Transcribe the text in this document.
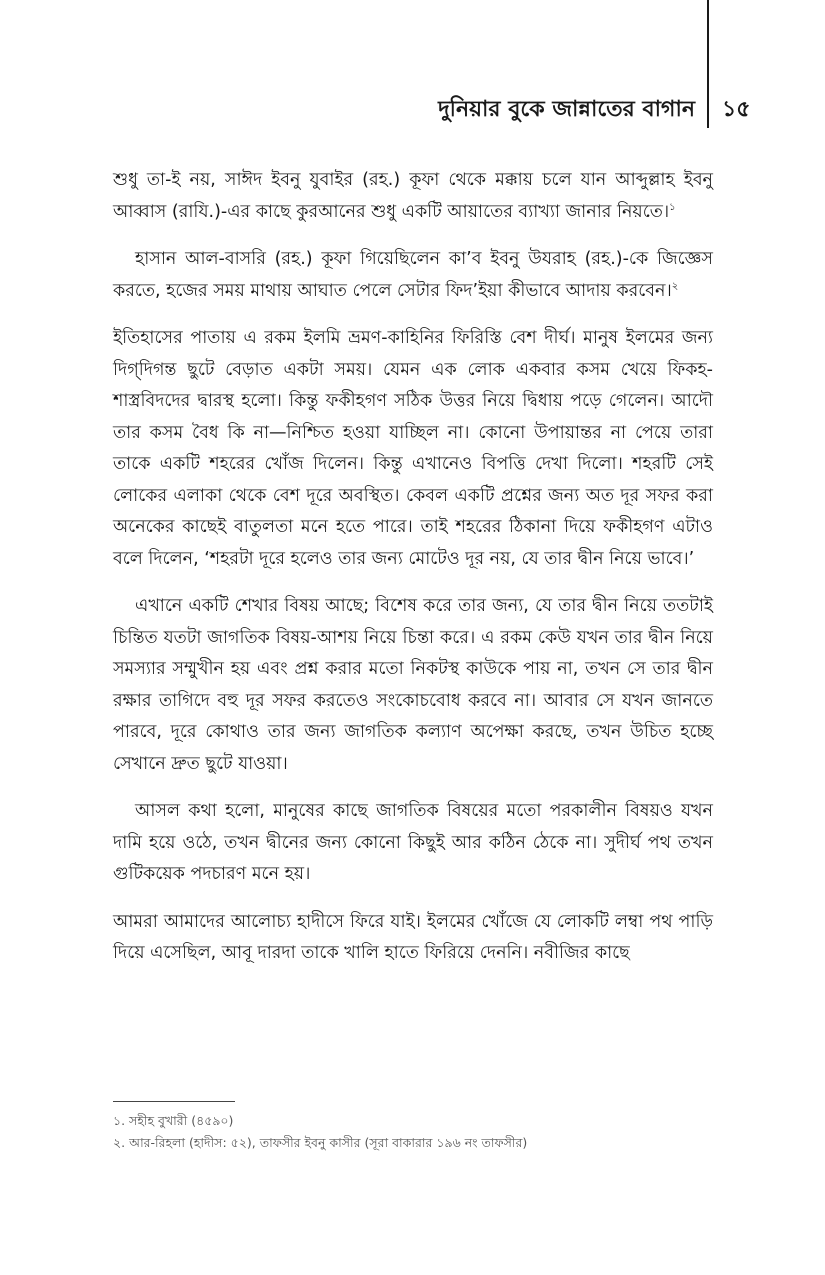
দুনিয়ার বুকে জান্নাতের বাগান ১৫

শুধু তা-ই নয়, সাঈদ ইবনু যুবাইর (রহ.) কূফা থেকে মক্কায় চলে যান আব্দুল্লাহ ইবনু আব্বাস (রাযি.)-এর কাছে কুরআনের শুধু একটি আয়াতের ব্যাখ্যা জানার নিয়তে।$^১$

হাসান আল-বাসরি (রহ.) কূফা গিয়েছিলেন কা’ব ইবনু উযরাহ (রহ.)-কে জিজ্ঞেস করতে, হজের সময় মাথায় আঘাত পেলে সেটার ফিদ’ইয়া কীভাবে আদায় করবেন।$^২$

ইতিহাসের পাতায় এ রকম ইলমি ভ্রমণ-কাহিনির ফিরিস্তি বেশ দীর্ঘ। মানুষ ইলমের জন্য দিগ্‌দিগন্ত ছুটে বেড়াত একটা সময়। যেমন এক লোক একবার কসম খেয়ে ফিকহ-শাস্ত্রবিদদের দ্বারস্থ হলো। কিন্তু ফকীহগণ সঠিক উত্তর নিয়ে দ্বিধায় পড়ে গেলেন। আদৌ তার কসম বৈধ কি না—নিশ্চিত হওয়া যাচ্ছিল না। কোনো উপায়ান্তর না পেয়ে তারা তাকে একটি শহরের খোঁজ দিলেন। কিন্তু এখানেও বিপত্তি দেখা দিলো। শহরটি সেই লোকের এলাকা থেকে বেশ দূরে অবস্থিত। কেবল একটি প্রশ্নের জন্য অত দূর সফর করা অনেকের কাছেই বাতুলতা মনে হতে পারে। তাই শহরের ঠিকানা দিয়ে ফকীহগণ এটাও বলে দিলেন, ‘শহরটা দূরে হলেও তার জন্য মোটেও দূর নয়, যে তার দ্বীন নিয়ে ভাবে।’

এখানে একটি শেখার বিষয় আছে; বিশেষ করে তার জন্য, যে তার দ্বীন নিয়ে ততটাই চিন্তিত যতটা জাগতিক বিষয়-আশয় নিয়ে চিন্তা করে। এ রকম কেউ যখন তার দ্বীন নিয়ে সমস্যার সম্মুখীন হয় এবং প্রশ্ন করার মতো নিকটস্থ কাউকে পায় না, তখন সে তার দ্বীন রক্ষার তাগিদে বহু দূর সফর করতেও সংকোচবোধ করবে না। আবার সে যখন জানতে পারবে, দূরে কোথাও তার জন্য জাগতিক কল্যাণ অপেক্ষা করছে, তখন উচিত হচ্ছে সেখানে দ্রুত ছুটে যাওয়া।

আসল কথা হলো, মানুষের কাছে জাগতিক বিষয়ের মতো পরকালীন বিষয়ও যখন দামি হয়ে ওঠে, তখন দ্বীনের জন্য কোনো কিছুই আর কঠিন ঠেকে না। সুদীর্ঘ পথ তখন গুটিকয়েক পদচারণ মনে হয়।

আমরা আমাদের আলোচ্য হাদীসে ফিরে যাই। ইলমের খোঁজে যে লোকটি লম্বা পথ পাড়ি দিয়ে এসেছিল, আবূ দারদা তাকে খালি হাতে ফিরিয়ে দেননি। নবীজির কাছে

১. সহীহ বুখারী (৪৫৯০)
২. আর-রিহলা (হাদীস: ৫২), তাফসীর ইবনু কাসীর (সূরা বাকারার ১৯৬ নং তাফসীর)
